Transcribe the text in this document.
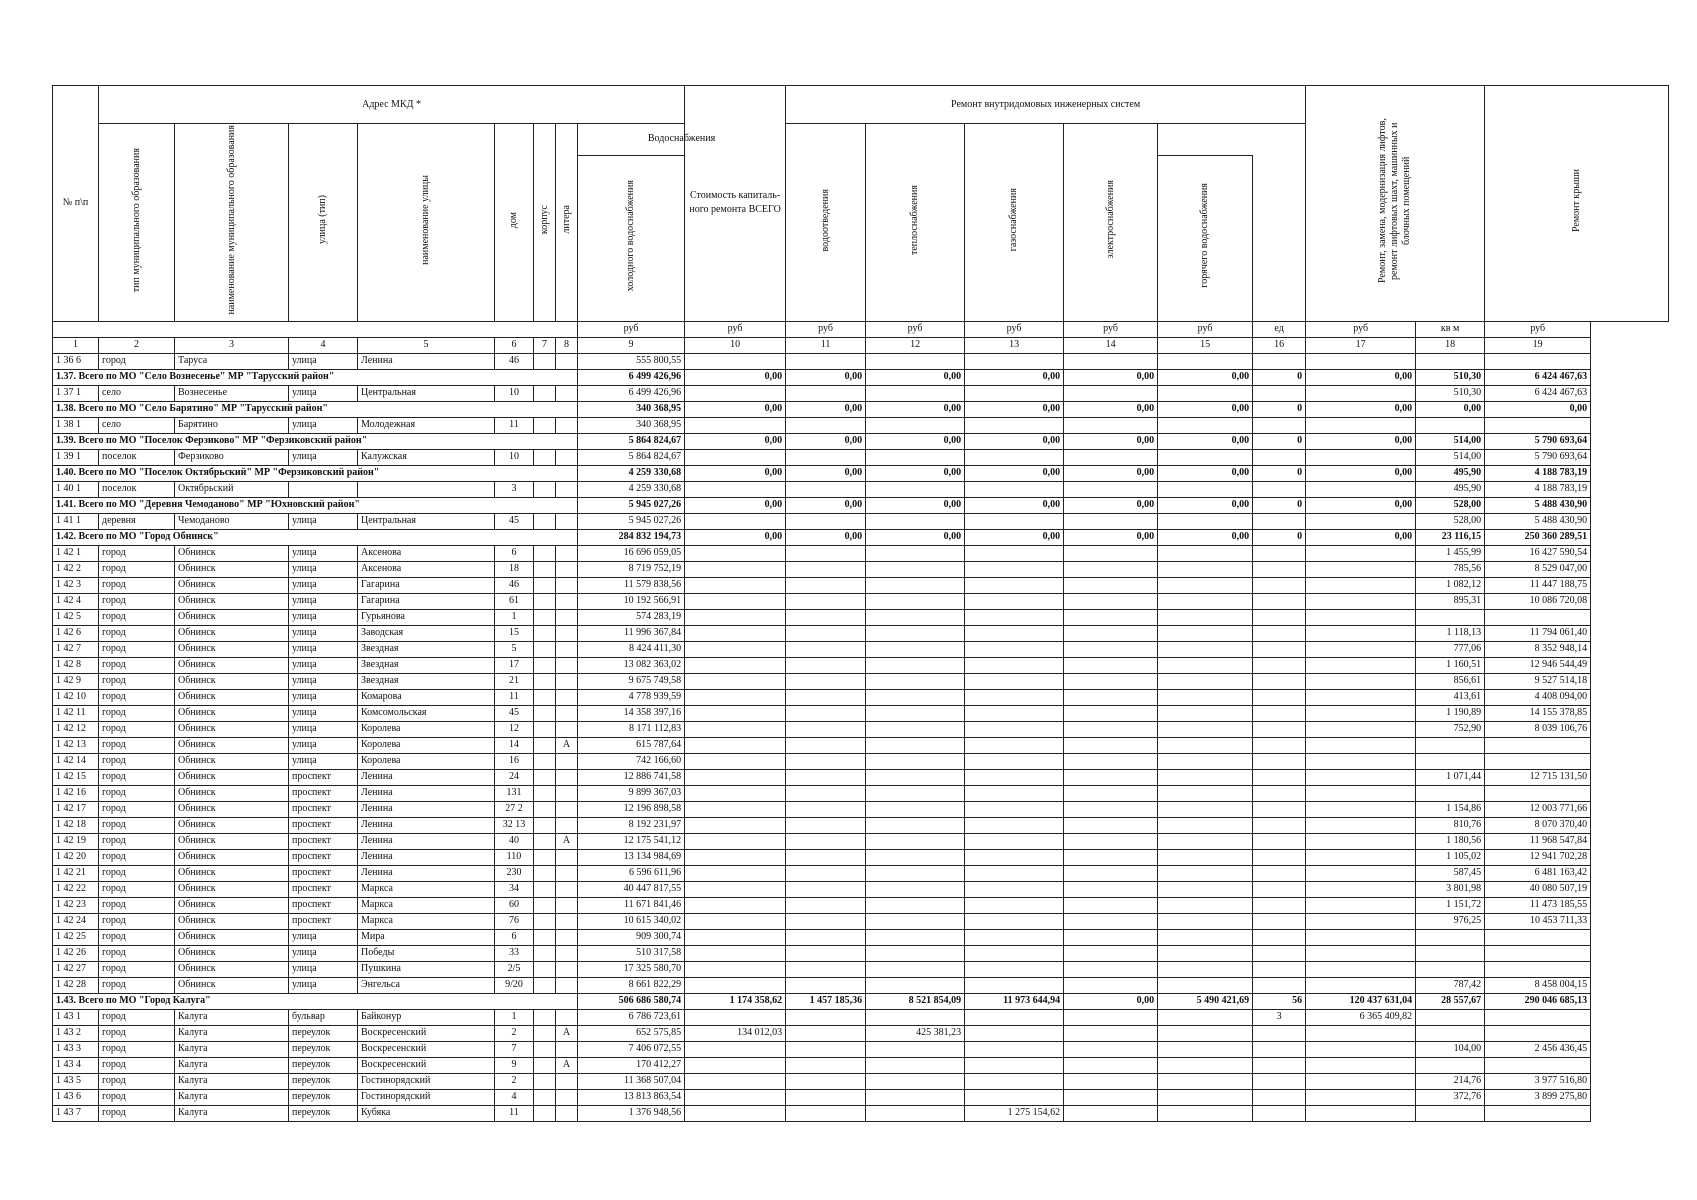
№ п\п	Адрес МКД *								Стоимость капиталь-ного ремонта ВСЕГО	Ремонт внутридомовых инженерных систем						Ремонт, замена, модернизация лифтов, ремонт лифтовых шахт, машинных и блочных помещений		Ремонт крыши
	тип муниципального образования	наименование муниципального образования	улица (тип)	наименование улицы	дом	корпус	литера	Водоснабжения		водоотведения	теплоснабжения	газоснабжения	электроснабжения					
								холодного водоснабжения						горячего водоснабжения				
								руб	руб	руб	руб	руб	руб	руб	ед	руб	кв м	руб
1	2	3	4	5	6	7	8	9	10	11	12	13	14	15	16	17	18	19
1 36 6	город	Таруса	улица	Ленина	46			555 800,55										
1.37. Всего по МО "Село Вознесенье" МР "Тарусский район"								6 499 426,96	0,00	0,00	0,00	0,00	0,00	0,00	0	0,00	510,30	6 424 467,63
1 37 1	село	Вознесенье	улица	Центральная	10			6 499 426,96									510,30	6 424 467,63
1.38. Всего по МО "Село Барятино" МР "Тарусский район"								340 368,95	0,00	0,00	0,00	0,00	0,00	0,00	0	0,00	0,00	0,00
1 38 1	село	Барятино	улица	Молодежная	11			340 368,95										
1.39. Всего по МО "Поселок Ферзиково" МР "Ферзиковский район"								5 864 824,67	0,00	0,00	0,00	0,00	0,00	0,00	0	0,00	514,00	5 790 693,64
1 39 1	поселок	Ферзиково	улица	Калужская	10			5 864 824,67									514,00	5 790 693,64
1.40. Всего по МО "Поселок Октябрьский" МР "Ферзиковский район"								4 259 330,68	0,00	0,00	0,00	0,00	0,00	0,00	0	0,00	495,90	4 188 783,19
1 40 1	поселок	Октябрьский			3			4 259 330,68									495,90	4 188 783,19
1.41. Всего по МО "Деревня Чемоданово" МР "Юхновский район"								5 945 027,26	0,00	0,00	0,00	0,00	0,00	0,00	0	0,00	528,00	5 488 430,90
1 41 1	деревня	Чемоданово	улица	Центральная	45			5 945 027,26									528,00	5 488 430,90
1.42. Всего по МО "Город Обнинск"								284 832 194,73	0,00	0,00	0,00	0,00	0,00	0,00	0	0,00	23 116,15	250 360 289,51
1 42 1	город	Обнинск	улица	Аксенова	6			16 696 059,05									1 455,99	16 427 590,54
1 42 2	город	Обнинск	улица	Аксенова	18			8 719 752,19									785,56	8 529 047,00
1 42 3	город	Обнинск	улица	Гагарина	46			11 579 838,56									1 082,12	11 447 188,75
1 42 4	город	Обнинск	улица	Гагарина	61			10 192 566,91									895,31	10 086 720,08
1 42 5	город	Обнинск	улица	Гурьянова	1			574 283,19										
1 42 6	город	Обнинск	улица	Заводская	15			11 996 367,84									1 118,13	11 794 061,40
1 42 7	город	Обнинск	улица	Звездная	5			8 424 411,30									777,06	8 352 948,14
1 42 8	город	Обнинск	улица	Звездная	17			13 082 363,02									1 160,51	12 946 544,49
1 42 9	город	Обнинск	улица	Звездная	21			9 675 749,58									856,61	9 527 514,18
1 42 10	город	Обнинск	улица	Комарова	11			4 778 939,59									413,61	4 408 094,00
1 42 11	город	Обнинск	улица	Комсомольская	45			14 358 397,16									1 190,89	14 155 378,85
1 42 12	город	Обнинск	улица	Королева	12			8 171 112,83									752,90	8 039 106,76
1 42 13	город	Обнинск	улица	Королева	14		А	615 787,64										
1 42 14	город	Обнинск	улица	Королева	16			742 166,60										
1 42 15	город	Обнинск	проспект	Ленина	24			12 886 741,58									1 071,44	12 715 131,50
1 42 16	город	Обнинск	проспект	Ленина	131			9 899 367,03										
1 42 17	город	Обнинск	проспект	Ленина	27 2			12 196 898,58									1 154,86	12 003 771,66
1 42 18	город	Обнинск	проспект	Ленина	32 13			8 192 231,97									810,76	8 070 370,40
1 42 19	город	Обнинск	проспект	Ленина	40		А	12 175 541,12									1 180,56	11 968 547,84
1 42 20	город	Обнинск	проспект	Ленина	110			13 134 984,69									1 105,02	12 941 702,28
1 42 21	город	Обнинск	проспект	Ленина	230			6 596 611,96									587,45	6 481 163,42
1 42 22	город	Обнинск	проспект	Маркса	34			40 447 817,55									3 801,98	40 080 507,19
1 42 23	город	Обнинск	проспект	Маркса	60			11 671 841,46									1 151,72	11 473 185,55
1 42 24	город	Обнинск	проспект	Маркса	76			10 615 340,02									976,25	10 453 711,33
1 42 25	город	Обнинск	улица	Мира	6			909 300,74										
1 42 26	город	Обнинск	улица	Победы	33			510 317,58										
1 42 27	город	Обнинск	улица	Пушкина	2/5			17 325 580,70										
1 42 28	город	Обнинск	улица	Энгельса	9/20			8 661 822,29									787,42	8 458 004,15
1.43. Всего по МО "Город Калуга"								506 686 580,74	1 174 358,62	1 457 185,36	8 521 854,09	11 973 644,94	0,00	5 490 421,69	56	120 437 631,04	28 557,67	290 046 685,13
1 43 1	город	Калуга	бульвар	Байконур	1			6 786 723,61							3	6 365 409,82		
1 43 2	город	Калуга	переулок	Воскресенский	2		А	652 575,85	134 012,03		425 381,23							
1 43 3	город	Калуга	переулок	Воскресенский	7			7 406 072,55									104,00	2 456 436,45
1 43 4	город	Калуга	переулок	Воскресенский	9		А	170 412,27										
1 43 5	город	Калуга	переулок	Гостинорядский	2			11 368 507,04									214,76	3 977 516,80
1 43 6	город	Калуга	переулок	Гостинорядский	4			13 813 863,54									372,76	3 899 275,80
1 43 7	город	Калуга	переулок	Кубяка	11			1 376 948,56				1 275 154,62						
